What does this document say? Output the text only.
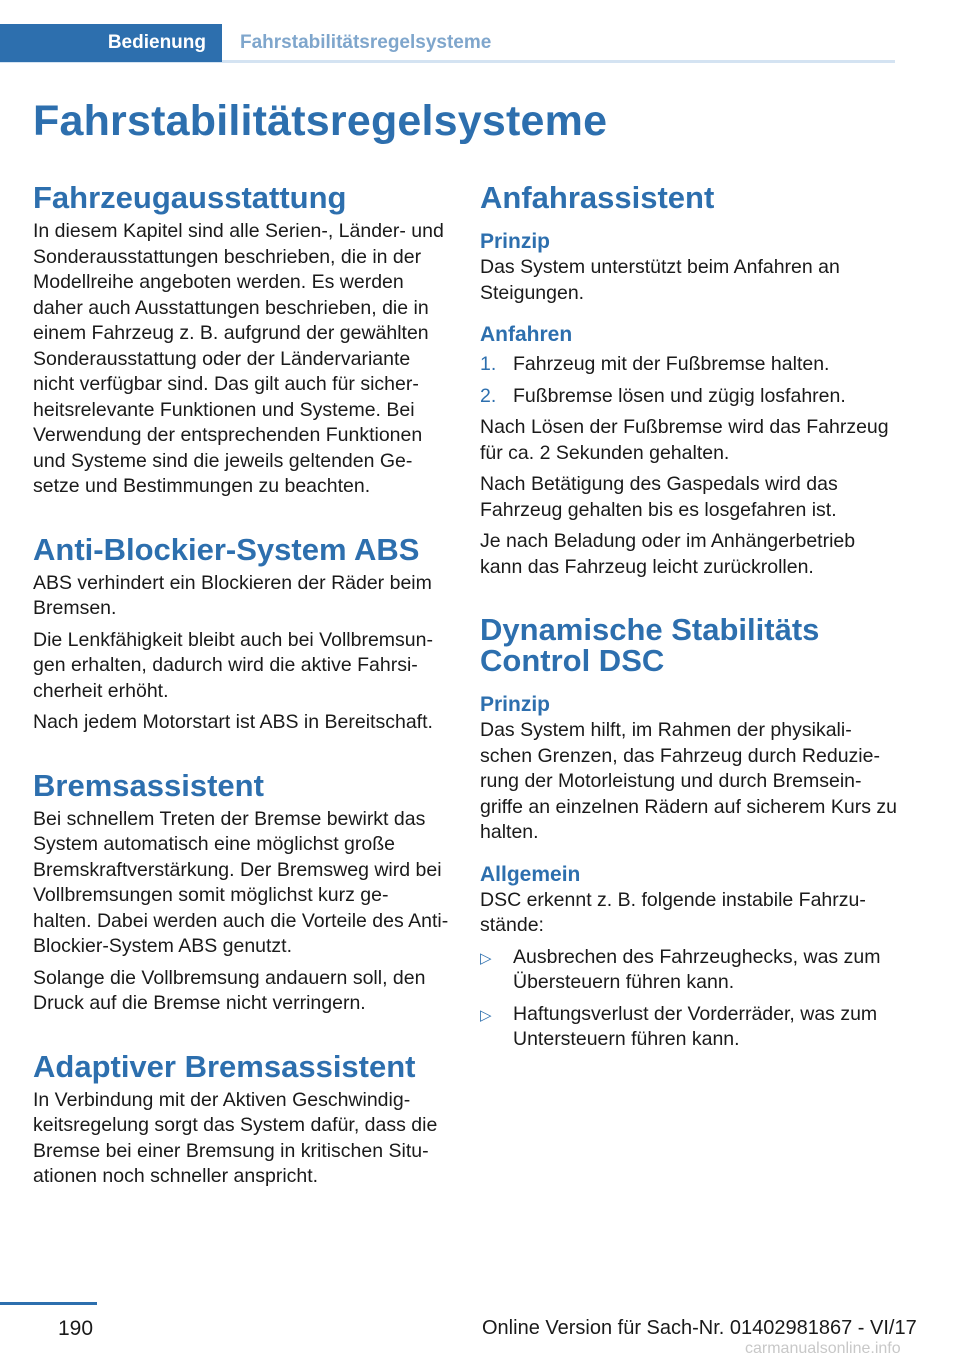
Bedienung Fahrstabilitätsregelsysteme
Fahrstabilitätsregelsysteme
Fahrzeugausstattung

In diesem Kapitel sind alle Serien-, Länder- und Sonderausstattungen beschrieben, die in der Modellreihe angeboten werden. Es werden daher auch Ausstattungen beschrieben, die in einem Fahrzeug z. B. aufgrund der gewählten Sonderausstattung oder der Ländervariante nicht verfügbar sind. Das gilt auch für sicher- heitsrelevante Funktionen und Systeme. Bei Verwendung der entsprechenden Funktionen und Systeme sind die jeweils geltenden Ge- setze und Bestimmungen zu beachten.

Anti-Blockier-System ABS

ABS verhindert ein Blockieren der Räder beim Bremsen.

Die Lenkfähigkeit bleibt auch bei Vollbremsun- gen erhalten, dadurch wird die aktive Fahrsi- cherheit erhöht.

Nach jedem Motorstart ist ABS in Bereitschaft.

Bremsassistent

Bei schnellem Treten der Bremse bewirkt das System automatisch eine möglichst große Bremskraftverstärkung. Der Bremsweg wird bei Vollbremsungen somit möglichst kurz ge- halten. Dabei werden auch die Vorteile des Anti-Blockier-System ABS genutzt.

Solange die Vollbremsung andauern soll, den Druck auf die Bremse nicht verringern.

Adaptiver Bremsassistent

In Verbindung mit der Aktiven Geschwindig- keitsregelung sorgt das System dafür, dass die Bremse bei einer Bremsung in kritischen Situ- ationen noch schneller anspricht.

Anfahrassistent
Prinzip

Das System unterstützt beim Anfahren an Steigungen.

Anfahren
1. Fahrzeug mit der Fußbremse halten.
2. Fußbremse lösen und zügig losfahren.

Nach Lösen der Fußbremse wird das Fahrzeug für ca. 2 Sekunden gehalten.

Nach Betätigung des Gaspedals wird das Fahrzeug gehalten bis es losgefahren ist.

Je nach Beladung oder im Anhängerbetrieb kann das Fahrzeug leicht zurückrollen.

Dynamische Stabilitäts
Control DSC
Prinzip

Das System hilft, im Rahmen der physikali- schen Grenzen, das Fahrzeug durch Reduzie- rung der Motorleistung und durch Bremsein- griffe an einzelnen Rädern auf sicherem Kurs zu halten.

Allgemein

DSC erkennt z. B. folgende instabile Fahrzu- stände:

▷ Ausbrechen des Fahrzeughecks, was zum Übersteuern führen kann.
▷ Haftungsverlust der Vorderräder, was zum Untersteuern führen kann.
190	Online Version für Sach-Nr. 01402981867 - VI/17
carmanualsonline.info
